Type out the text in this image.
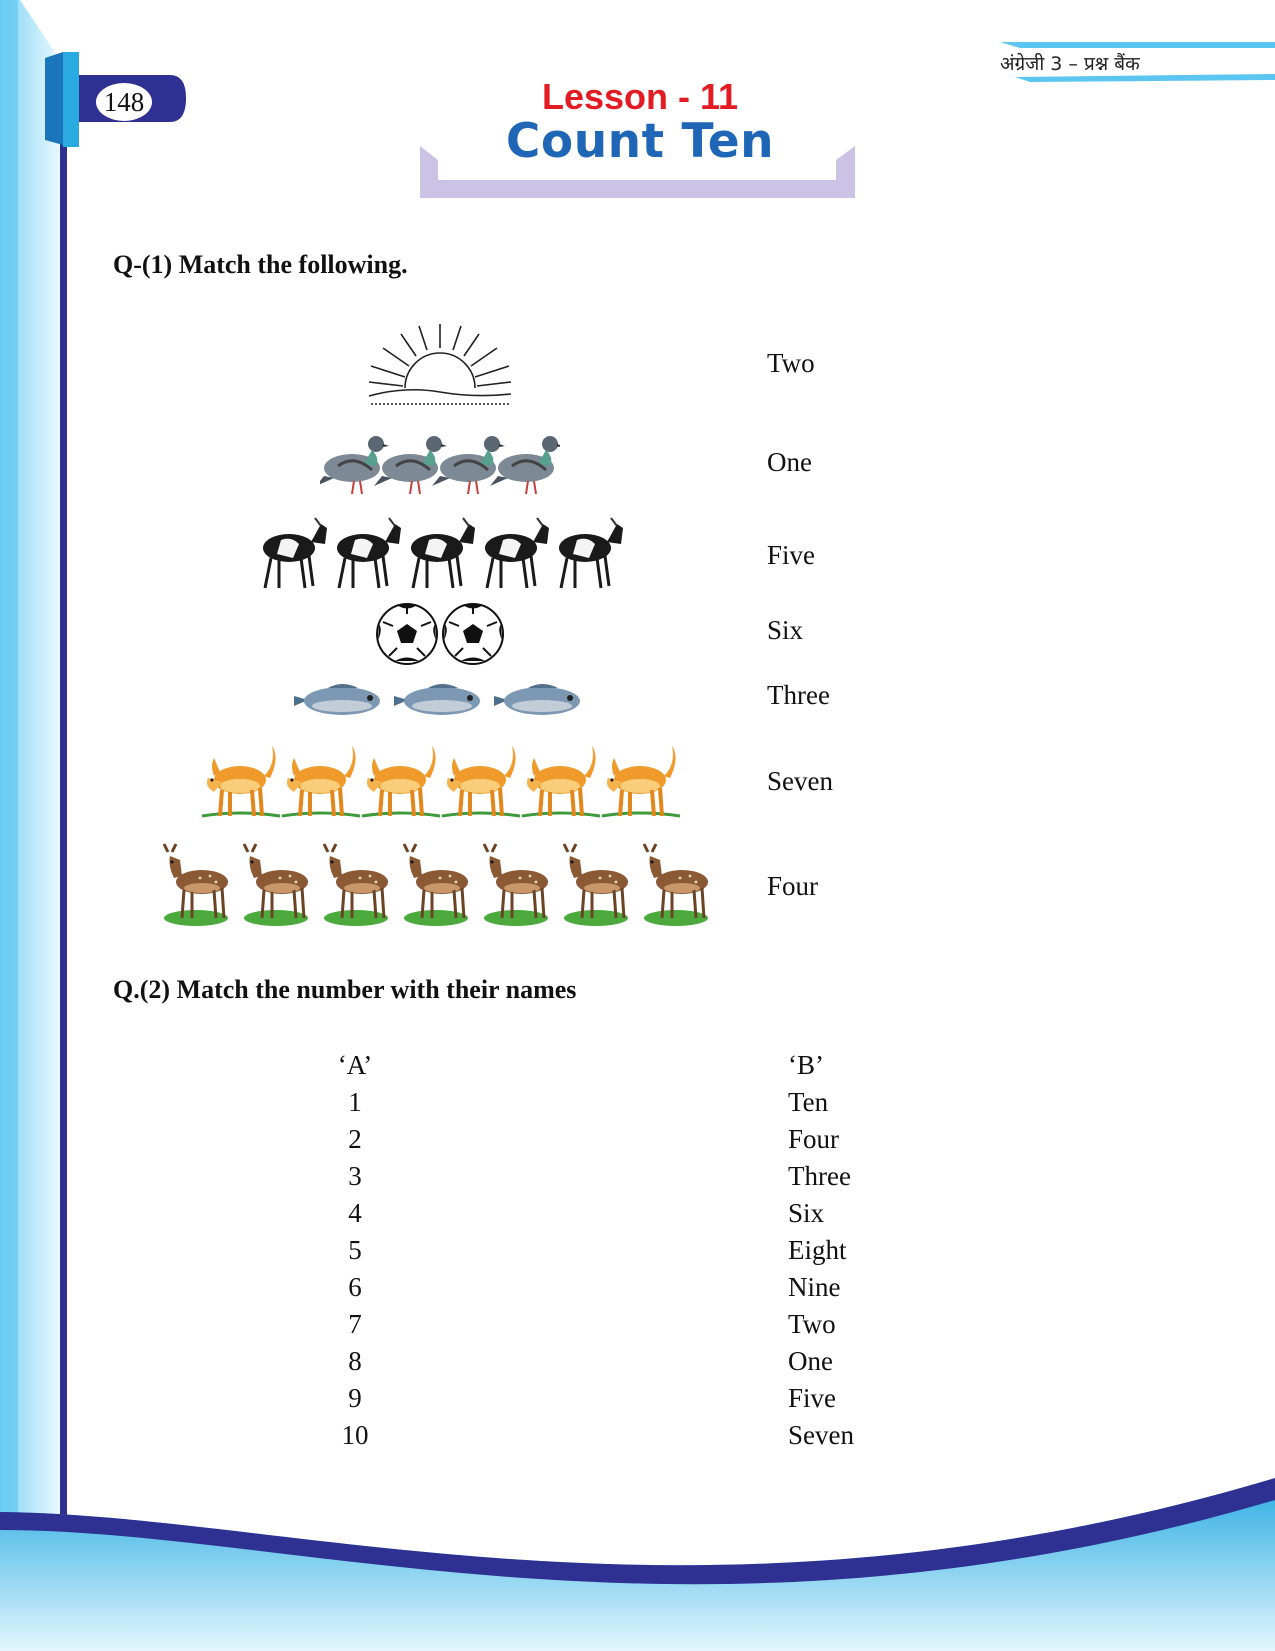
148
अंग्रेजी 3 – प्रश्न बैंक
Lesson - 11
Count Ten
Q-(1) Match the following.
Two
One
Five
Six
Three
Seven
Four
Q.(2) Match the number with their names
‘A’
1
2
3
4
5
6
7
8
9
10
‘B’
Ten
Four
Three
Six
Eight
Nine
Two
One
Five
Seven
